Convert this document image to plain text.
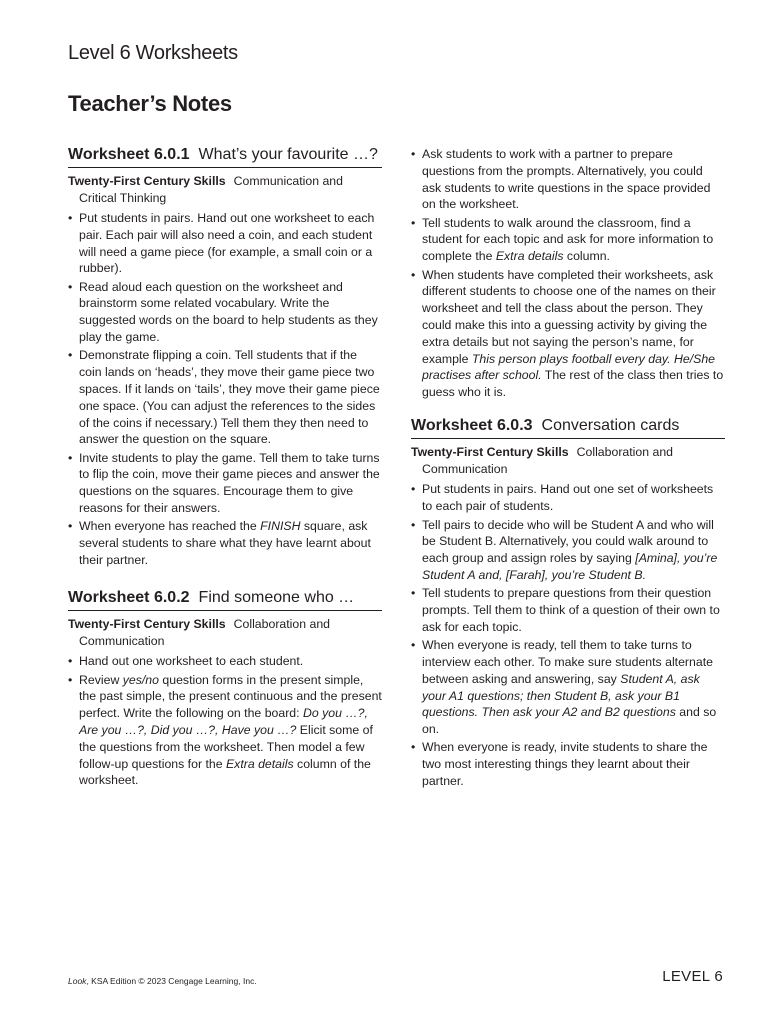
Level 6 Worksheets
Teacher’s Notes
Worksheet 6.0.1 What’s your favourite …?

Twenty-First Century Skills Communication and Critical Thinking

• Put students in pairs. Hand out one worksheet to each pair. Each pair will also need a coin, and each student will need a game piece (for example, a small coin or a rubber).
• Read aloud each question on the worksheet and brainstorm some related vocabulary. Write the suggested words on the board to help students as they play the game.
• Demonstrate flipping a coin. Tell students that if the coin lands on ‘heads’, they move their game piece two spaces. If it lands on ‘tails’, they move their game piece one space. (You can adjust the references to the sides of the coins if necessary.) Tell them they then need to answer the question on the square.
• Invite students to play the game. Tell them to take turns to flip the coin, move their game pieces and answer the questions on the squares. Encourage them to give reasons for their answers.
• When everyone has reached the FINISH square, ask several students to share what they have learnt about their partner.
Worksheet 6.0.2 Find someone who …

Twenty-First Century Skills Collaboration and Communication

• Hand out one worksheet to each student.
• Review yes/no question forms in the present simple, the past simple, the present continuous and the present perfect. Write the following on the board: Do you …?, Are you …?, Did you …?, Have you …? Elicit some of the questions from the worksheet. Then model a few follow-up questions for the Extra details column of the worksheet.
• Ask students to work with a partner to prepare questions from the prompts. Alternatively, you could ask students to write questions in the space provided on the worksheet.
• Tell students to walk around the classroom, find a student for each topic and ask for more information to complete the Extra details column.
• When students have completed their worksheets, ask different students to choose one of the names on their worksheet and tell the class about the person. They could make this into a guessing activity by giving the extra details but not saying the person’s name, for example This person plays football every day. He/She practises after school. The rest of the class then tries to guess who it is.
Worksheet 6.0.3 Conversation cards

Twenty-First Century Skills Collaboration and Communication

• Put students in pairs. Hand out one set of worksheets to each pair of students.
• Tell pairs to decide who will be Student A and who will be Student B. Alternatively, you could walk around to each group and assign roles by saying [Amina], you’re Student A and, [Farah], you’re Student B.
• Tell students to prepare questions from their question prompts. Tell them to think of a question of their own to ask for each topic.
• When everyone is ready, tell them to take turns to interview each other. To make sure students alternate between asking and answering, say Student A, ask your A1 questions; then Student B, ask your B1 questions. Then ask your A2 and B2 questions and so on.
• When everyone is ready, invite students to share the two most interesting things they learnt about their partner.
Look, KSA Edition © 2023 Cengage Learning, Inc.	LEVEL 6
